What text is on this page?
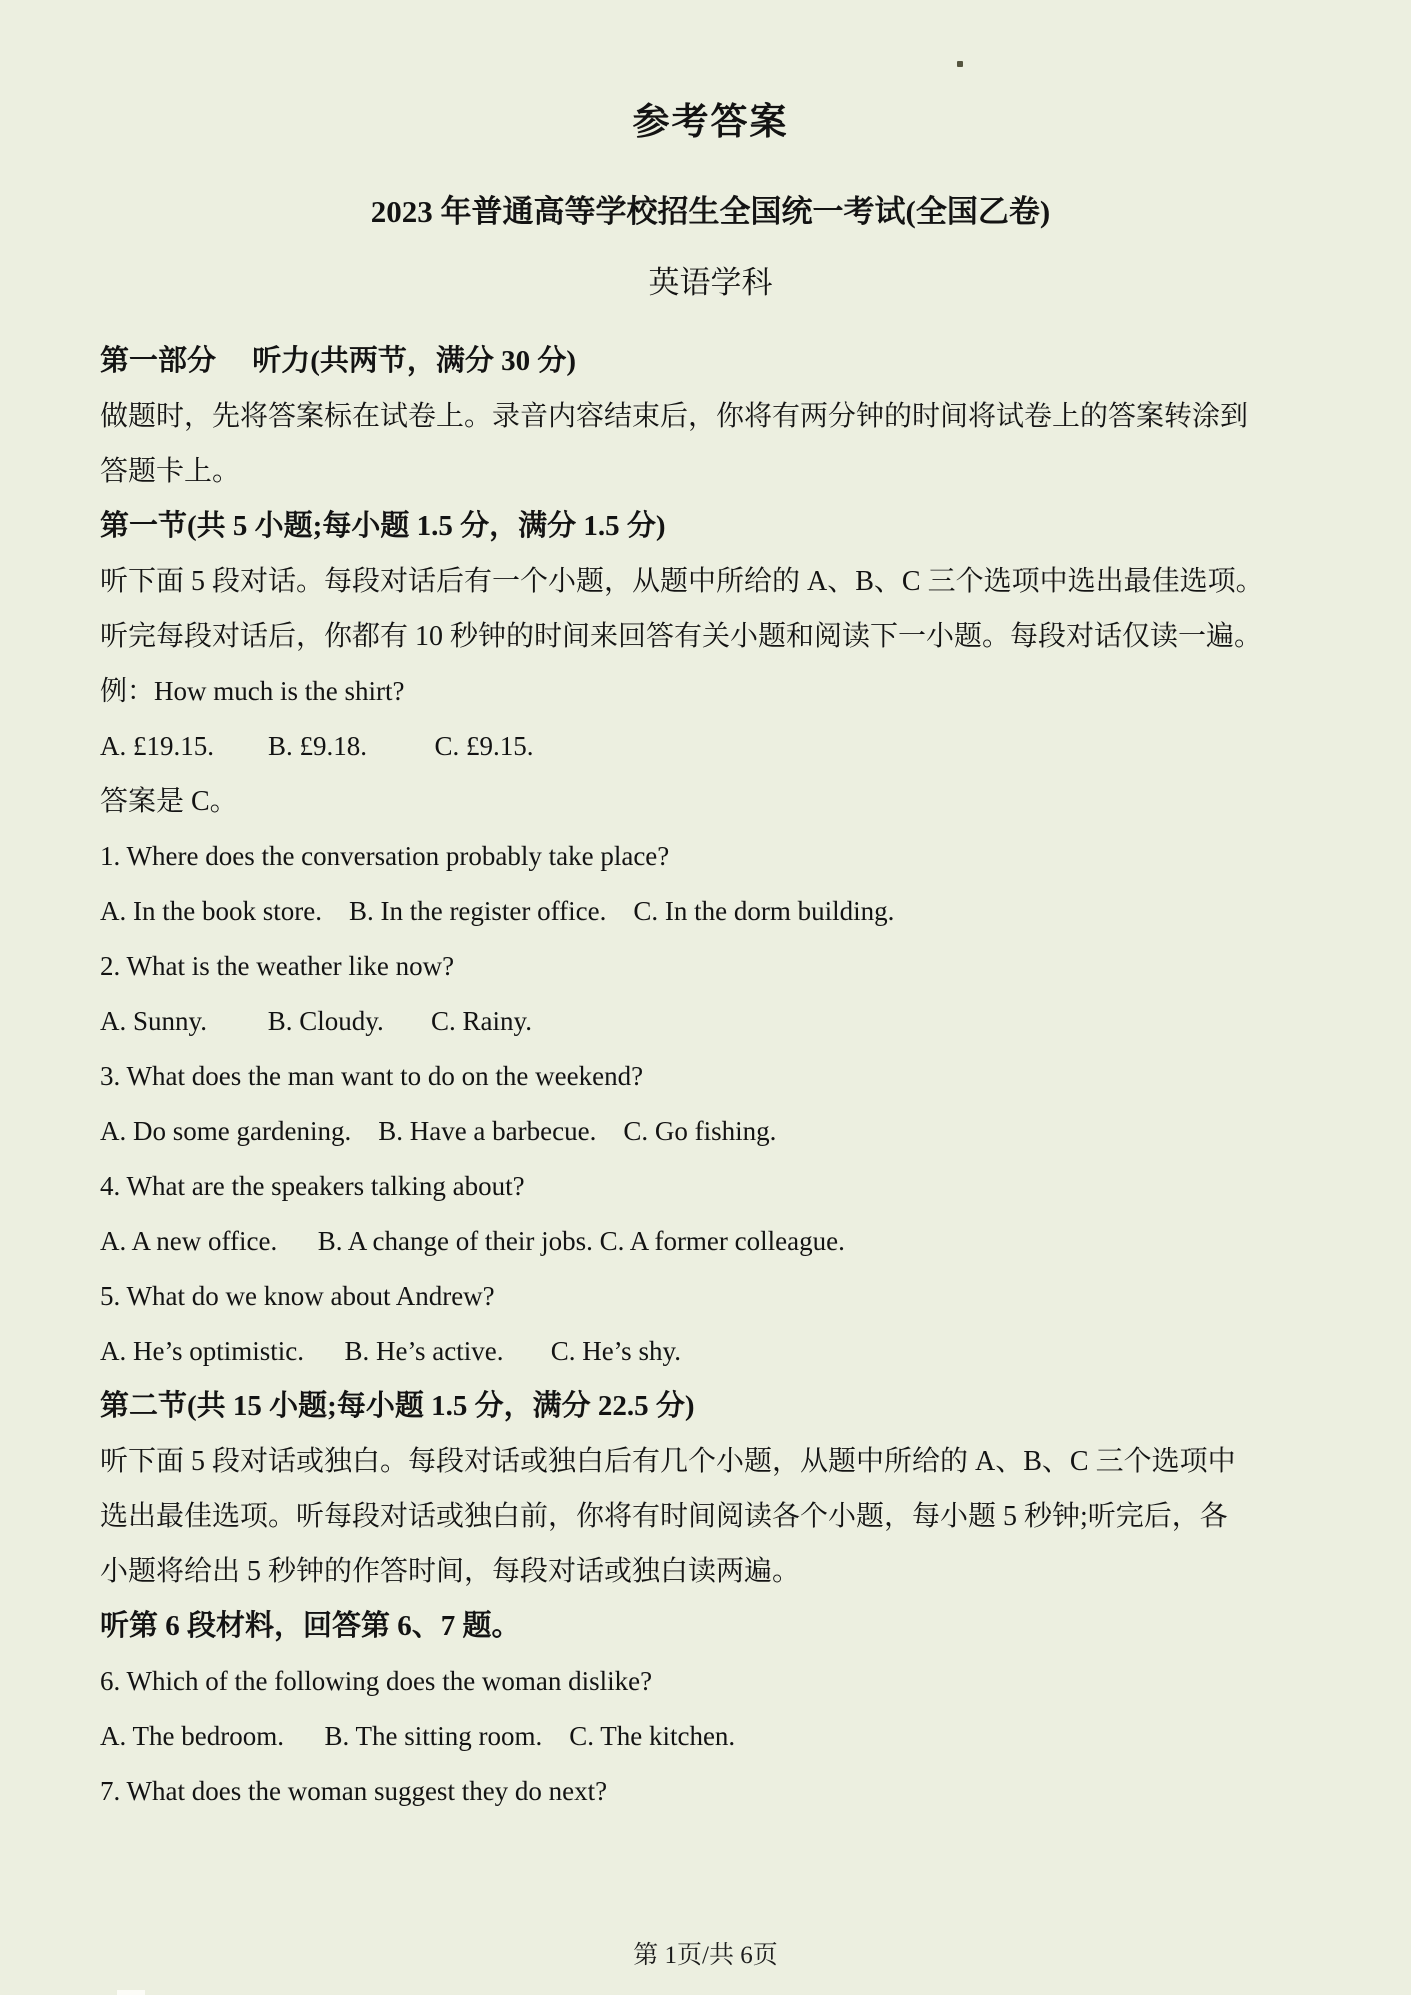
参考答案
2023 年普通高等学校招生全国统一考试(全国乙卷)
英语学科

第一部分　 听力(共两节，满分 30 分)

做题时，先将答案标在试卷上。录音内容结束后，你将有两分钟的时间将试卷上的答案转涂到

答题卡上。

第一节(共 5 小题;每小题 1.5 分，满分 1.5 分)

听下面 5 段对话。每段对话后有一个小题，从题中所给的 A、B、C 三个选项中选出最佳选项。

听完每段对话后，你都有 10 秒钟的时间来回答有关小题和阅读下一小题。每段对话仅读一遍。

例：How much is the shirt?

A. £19.15.        B. £9.18.          C. £9.15.

答案是 C。

1. Where does the conversation probably take place?

A. In the book store.    B. In the register office.    C. In the dorm building.

2. What is the weather like now?

A. Sunny.         B. Cloudy.       C. Rainy.

3. What does the man want to do on the weekend?

A. Do some gardening.    B. Have a barbecue.    C. Go fishing.

4. What are the speakers talking about?

A. A new office.      B. A change of their jobs. C. A former colleague.

5. What do we know about Andrew?

A. He’s optimistic.      B. He’s active.       C. He’s shy.

第二节(共 15 小题;每小题 1.5 分，满分 22.5 分)

听下面 5 段对话或独白。每段对话或独白后有几个小题，从题中所给的 A、B、C 三个选项中

选出最佳选项。听每段对话或独白前，你将有时间阅读各个小题，每小题 5 秒钟;听完后，各

小题将给出 5 秒钟的作答时间，每段对话或独白读两遍。

听第 6 段材料，回答第 6、7 题。

6. Which of the following does the woman dislike?

A. The bedroom.      B. The sitting room.    C. The kitchen.

7. What does the woman suggest they do next?

第 1页/共 6页
